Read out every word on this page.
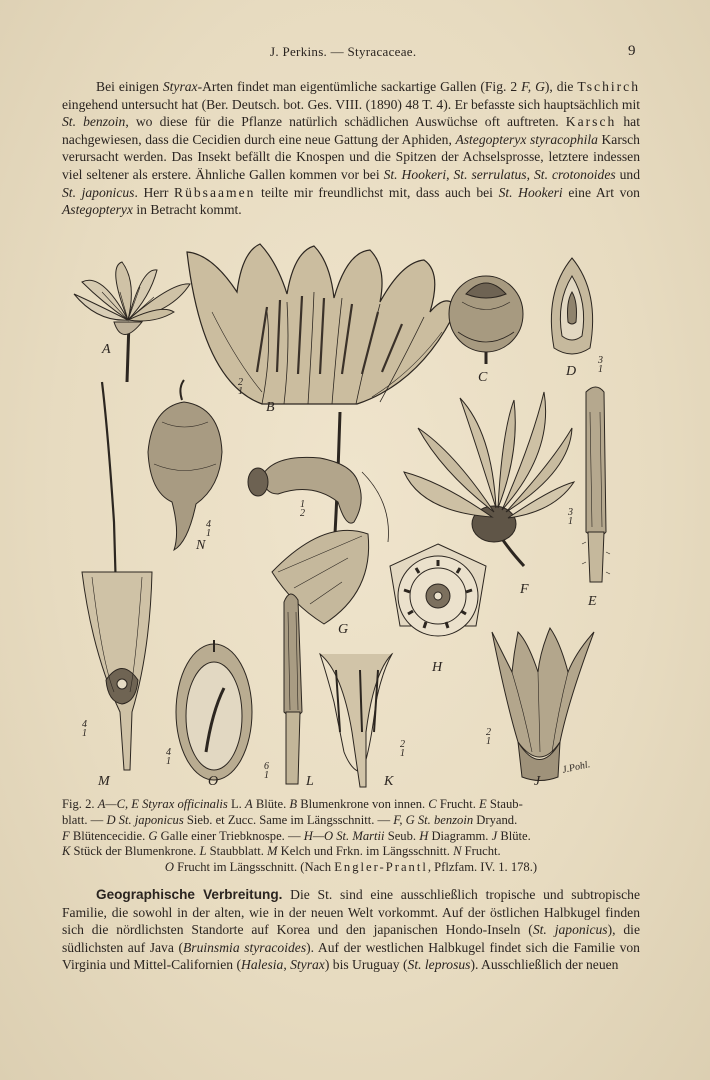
J. Perkins. — Styracaceae.	9
Bei einigen Styrax-Arten findet man eigentümliche sackartige Gallen (Fig. 2 F, G), die Tschirch eingehend untersucht hat (Ber. Deutsch. bot. Ges. VIII. (1890) 48 T. 4). Er befasste sich hauptsächlich mit St. benzoin, wo diese für die Pflanze natürlich schädlichen Auswüchse oft auftreten. Karsch hat nachgewiesen, dass die Cecidien durch eine neue Gattung der Aphiden, Astegopteryx styracophila Karsch verursacht werden. Das Insekt befällt die Knospen und die Spitzen der Achselsprosse, letztere indessen viel seltener als erstere. Ähnliche Gallen kommen vor bei St. Hookeri, St. serrulatus, St. crotonoides und St. japonicus. Herr Rübsaamen teilte mir freundlichst mit, dass auch bei St. Hookeri eine Art von Astegopteryx in Betracht kommt.
A
B
C	D
E
F
G
H
J
K
L
M
N
O
2
1
3
1
4
1
1
2	3
1
4
1
4
1	6
1
2
1
2
1
J.Pohl.
Fig. 2. A—C, E Styrax officinalis L. A Blüte. B Blumenkrone von innen. C Frucht. E Staub-
blatt. — D St. japonicus Sieb. et Zucc. Same im Längsschnitt. — F, G St. benzoin Dryand.
F Blütencecidie. G Galle einer Triebknospe. — H—O St. Martii Seub. H Diagramm. J Blüte.
K Stück der Blumenkrone. L Staubblatt. M Kelch und Frkn. im Längsschnitt. N Frucht.
O Frucht im Längsschnitt. (Nach Engler-Prantl, Pflzfam. IV. 1. 178.)
Geographische Verbreitung. Die St. sind eine ausschließlich tropische und subtropische Familie, die sowohl in der alten, wie in der neuen Welt vorkommt. Auf der östlichen Halbkugel finden sich die nördlichsten Standorte auf Korea und den japanischen Hondo-Inseln (St. japonicus), die südlichsten auf Java (Bruinsmia styracoides). Auf der westlichen Halbkugel findet sich die Familie von Virginia und Mittel-Californien (Halesia, Styrax) bis Uruguay (St. leprosus). Ausschließlich der neuen
